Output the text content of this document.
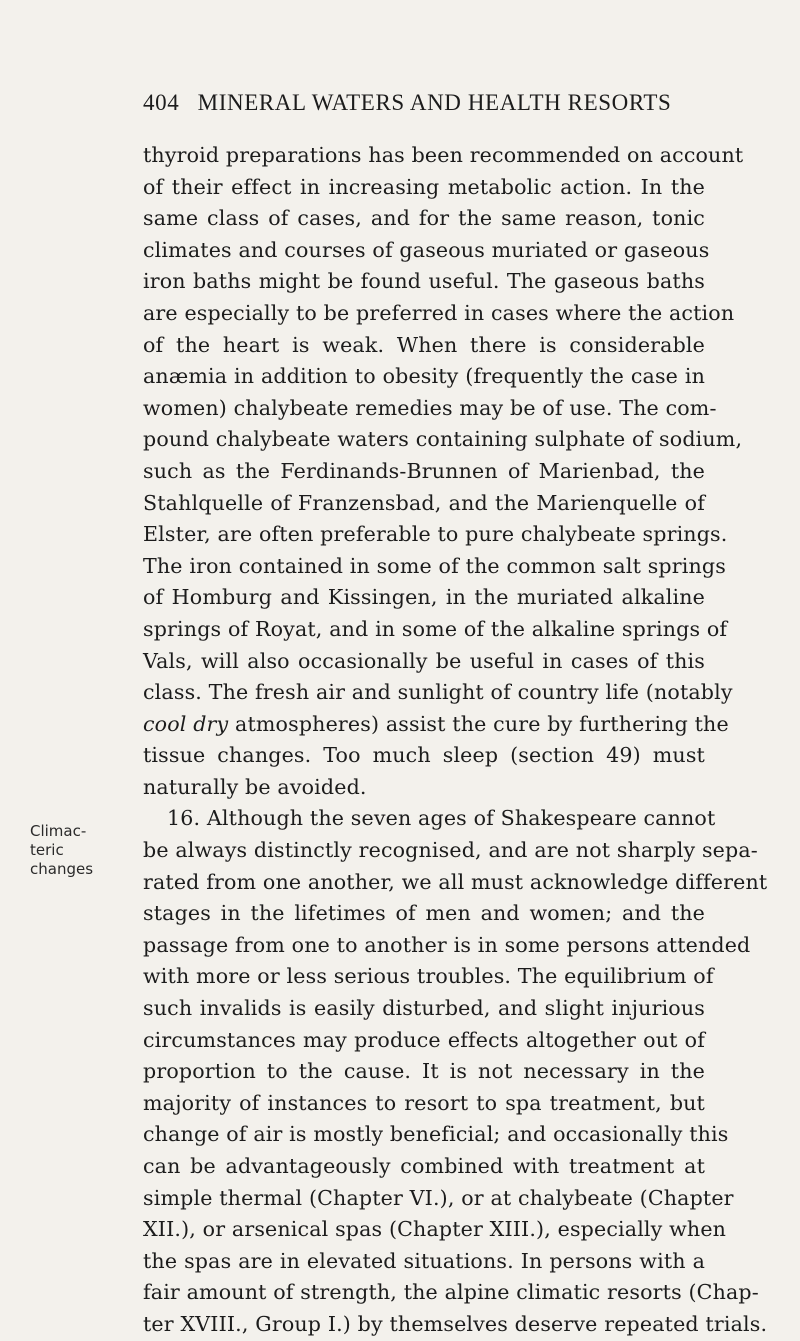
404 MINERAL WATERS AND HEALTH RESORTS
Climac-
teric
changes
thyroid preparations has been recommended on account
of their effect in increasing metabolic action. In the
same class of cases, and for the same reason, tonic
climates and courses of gaseous muriated or gaseous
iron baths might be found useful. The gaseous baths
are especially to be preferred in cases where the action
of the heart is weak. When there is considerable
anæmia in addition to obesity (frequently the case in
women) chalybeate remedies may be of use. The com-
pound chalybeate waters containing sulphate of sodium,
such as the Ferdinands-Brunnen of Marienbad, the
Stahlquelle of Franzensbad, and the Marienquelle of
Elster, are often preferable to pure chalybeate springs.
The iron contained in some of the common salt springs
of Homburg and Kissingen, in the muriated alkaline
springs of Royat, and in some of the alkaline springs of
Vals, will also occasionally be useful in cases of this
class. The fresh air and sunlight of country life (notably
cool dry atmospheres) assist the cure by furthering the
tissue changes. Too much sleep (section 49) must
naturally be avoided.
16. Although the seven ages of Shakespeare cannot
be always distinctly recognised, and are not sharply sepa-
rated from one another, we all must acknowledge different
stages in the lifetimes of men and women; and the
passage from one to another is in some persons attended
with more or less serious troubles. The equilibrium of
such invalids is easily disturbed, and slight injurious
circumstances may produce effects altogether out of
proportion to the cause. It is not necessary in the
majority of instances to resort to spa treatment, but
change of air is mostly beneficial; and occasionally this
can be advantageously combined with treatment at
simple thermal (Chapter VI.), or at chalybeate (Chapter
XII.), or arsenical spas (Chapter XIII.), especially when
the spas are in elevated situations. In persons with a
fair amount of strength, the alpine climatic resorts (Chap-
ter XVIII., Group I.) by themselves deserve repeated trials.
